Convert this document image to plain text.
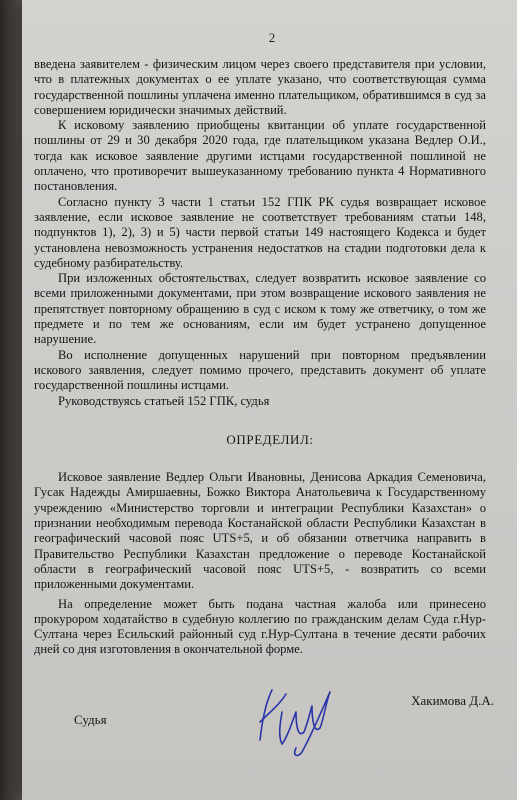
2

введена заявителем - физическим лицом через своего представителя при условии, что в платежных документах о ее уплате указано, что соответствующая сумма государственной пошлины уплачена именно плательщиком, обратившимся в суд за совершением юридически значимых действий.

К исковому заявлению приобщены квитанции об уплате государственной пошлины от 29 и 30 декабря 2020 года, где плательщиком указана Ведлер О.И., тогда как исковое заявление другими истцами государственной пошлиной не оплачено, что противоречит вышеуказанному требованию пункта 4 Нормативного постановления.

Согласно пункту 3 части 1 статьи 152 ГПК РК судья возвращает исковое заявление, если исковое заявление не соответствует требованиям статьи 148, подпунктов 1), 2), 3) и 5) части первой статьи 149 настоящего Кодекса и будет установлена невозможность устранения недостатков на стадии подготовки дела к судебному разбирательству.

При изложенных обстоятельствах, следует возвратить исковое заявление со всеми приложенными документами, при этом возвращение искового заявления не препятствует повторному обращению в суд с иском к тому же ответчику, о том же предмете и по тем же основаниям, если им будет устранено допущенное нарушение.

Во исполнение допущенных нарушений при повторном предъявлении искового заявления, следует помимо прочего, представить документ об уплате государственной пошлины истцами.

Руководствуясь статьей 152 ГПК, судья

ОПРЕДЕЛИЛ:

Исковое заявление Ведлер Ольги Ивановны, Денисова Аркадия Семеновича, Гусак Надежды Амиршаевны, Божко Виктора Анатольевича к Государственному учреждению «Министерство торговли и интеграции Республики Казахстан» о признании необходимым перевода Костанайской области Республики Казахстан в географический часовой пояс UTS+5, и об обязании ответчика направить в Правительство Республики Казахстан предложение о переводе Костанайской области в географический часовой пояс UTS+5, - возвратить со всеми приложенными документами.

На определение может быть подана частная жалоба или принесено прокурором ходатайство в судебную коллегию по гражданским делам Суда г.Нур-Султана через Есильский районный суд г.Нур-Султана в течение десяти рабочих дней со дня изготовления в окончательной форме.

Судья
Хакимова Д.А.
